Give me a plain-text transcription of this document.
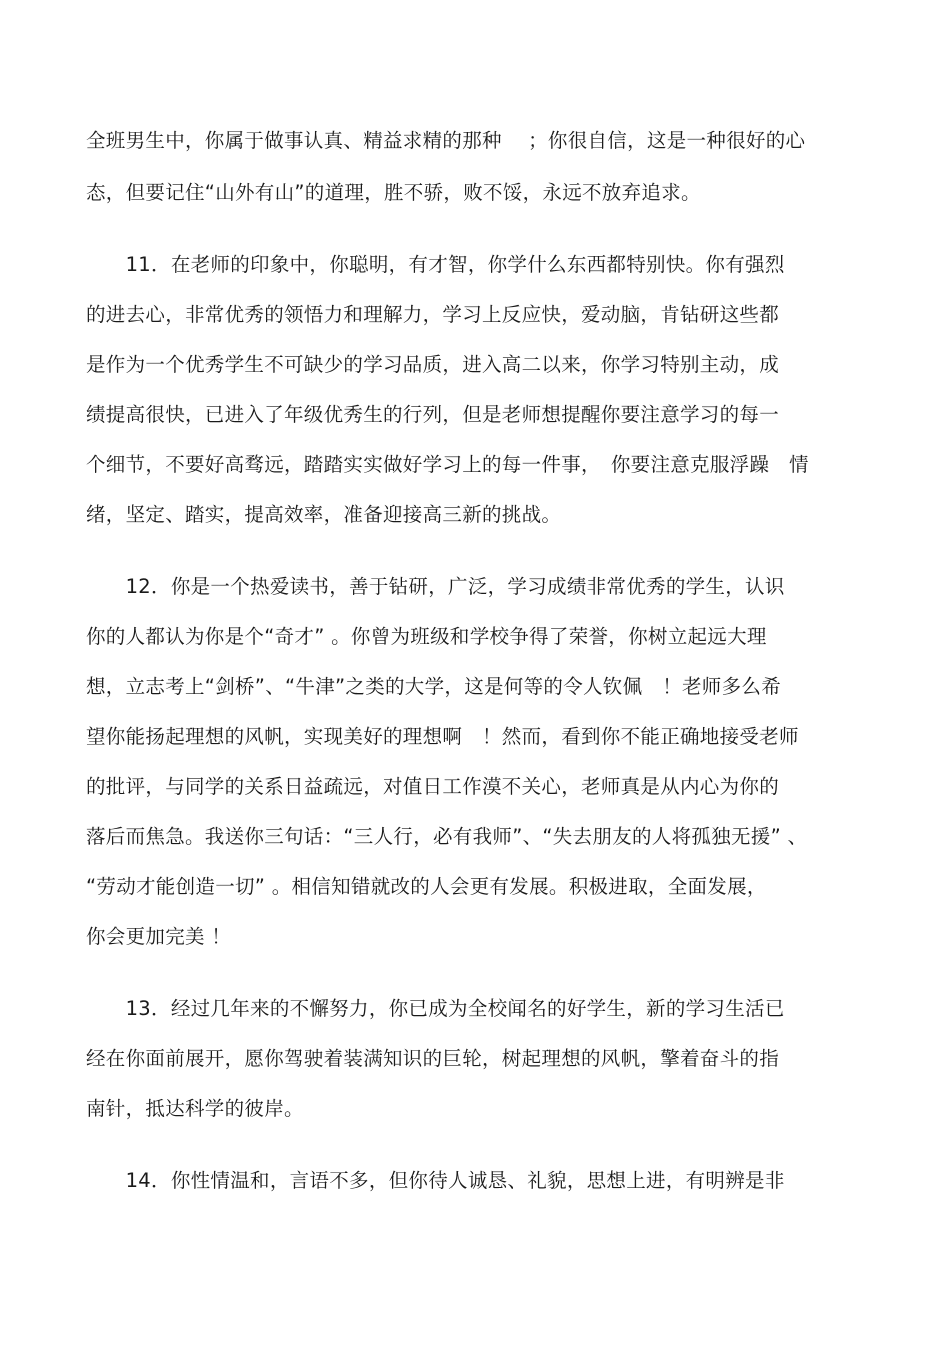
全班男生中，你属于做事认真、精益求精的那种　 ；你很自信，这是一种很好的心
态，但要记住“山外有山”的道理，胜不骄，败不馁，永远不放弃追求。
　　11．在老师的印象中，你聪明，有才智，你学什么东西都特别快。你有强烈
的进去心，非常优秀的领悟力和理解力，学习上反应快，爱动脑，肯钻研这些都
是作为一个优秀学生不可缺少的学习品质，进入高二以来，你学习特别主动，成
绩提高很快，已进入了年级优秀生的行列，但是老师想提醒你要注意学习的每一
个细节，不要好高骛远，踏踏实实做好学习上的每一件事，　你要注意克服浮躁　情
绪，坚定、踏实，提高效率，准备迎接高三新的挑战。
　　12．你是一个热爱读书，善于钻研，广泛，学习成绩非常优秀的学生，认识
你的人都认为你是个“奇才” 。你曾为班级和学校争得了荣誉，你树立起远大理
想，立志考上“剑桥”、“牛津”之类的大学，这是何等的令人钦佩　！老师多么希
望你能扬起理想的风帆，实现美好的理想啊　！然而，看到你不能正确地接受老师
的批评，与同学的关系日益疏远，对值日工作漠不关心，老师真是从内心为你的
落后而焦急。我送你三句话：“三人行，必有我师”、“失去朋友的人将孤独无援” 、
“劳动才能创造一切” 。相信知错就改的人会更有发展。积极进取，全面发展，
你会更加完美 ！
　　13．经过几年来的不懈努力，你已成为全校闻名的好学生，新的学习生活已
经在你面前展开，愿你驾驶着装满知识的巨轮，树起理想的风帆，擎着奋斗的指
南针，抵达科学的彼岸。
　　14．你性情温和，言语不多，但你待人诚恳、礼貌，思想上进，有明辨是非
